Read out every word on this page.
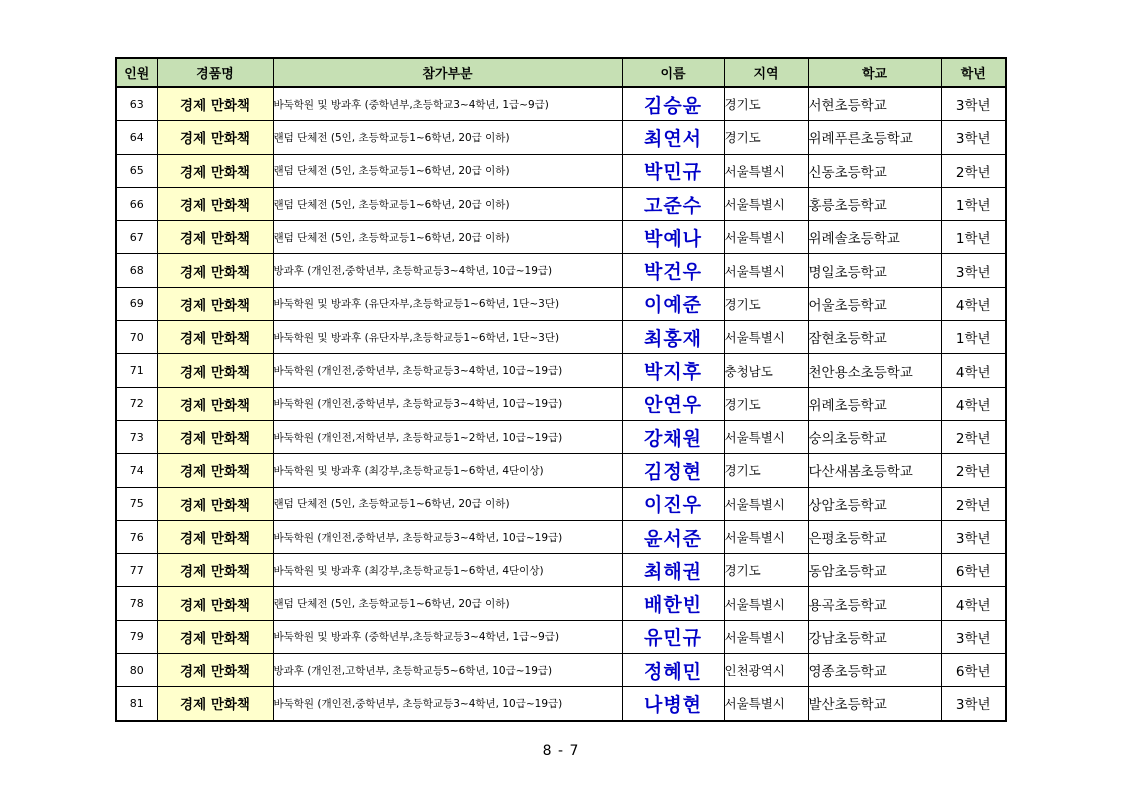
인원	경품명	참가부분	이름	지역	학교	학년
63	경제 만화책	바둑학원 및 방과후 (중학년부,초등학교3~4학년, 1급~9급)	김승윤	경기도	서현초등학교	3학년
64	경제 만화책	랜덤 단체전 (5인, 초등학교등1~6학년, 20급 이하)	최연서	경기도	위례푸른초등학교	3학년
65	경제 만화책	랜덤 단체전 (5인, 초등학교등1~6학년, 20급 이하)	박민규	서울특별시	신동초등학교	2학년
66	경제 만화책	랜덤 단체전 (5인, 초등학교등1~6학년, 20급 이하)	고준수	서울특별시	홍릉초등학교	1학년
67	경제 만화책	랜덤 단체전 (5인, 초등학교등1~6학년, 20급 이하)	박예나	서울특별시	위례솔초등학교	1학년
68	경제 만화책	방과후 (개인전,중학년부, 초등학교등3~4학년, 10급~19급)	박건우	서울특별시	명일초등학교	3학년
69	경제 만화책	바둑학원 및 방과후 (유단자부,초등학교등1~6학년, 1단~3단)	이예준	경기도	어울초등학교	4학년
70	경제 만화책	바둑학원 및 방과후 (유단자부,초등학교등1~6학년, 1단~3단)	최홍재	서울특별시	잠현초등학교	1학년
71	경제 만화책	바둑학원 (개인전,중학년부, 초등학교등3~4학년, 10급~19급)	박지후	충청남도	천안용소초등학교	4학년
72	경제 만화책	바둑학원 (개인전,중학년부, 초등학교등3~4학년, 10급~19급)	안연우	경기도	위례초등학교	4학년
73	경제 만화책	바둑학원 (개인전,저학년부, 초등학교등1~2학년, 10급~19급)	강채원	서울특별시	숭의초등학교	2학년
74	경제 만화책	바둑학원 및 방과후 (최강부,초등학교등1~6학년, 4단이상)	김정현	경기도	다산새봄초등학교	2학년
75	경제 만화책	랜덤 단체전 (5인, 초등학교등1~6학년, 20급 이하)	이진우	서울특별시	상암초등학교	2학년
76	경제 만화책	바둑학원 (개인전,중학년부, 초등학교등3~4학년, 10급~19급)	윤서준	서울특별시	은평초등학교	3학년
77	경제 만화책	바둑학원 및 방과후 (최강부,초등학교등1~6학년, 4단이상)	최해권	경기도	동암초등학교	6학년
78	경제 만화책	랜덤 단체전 (5인, 초등학교등1~6학년, 20급 이하)	배한빈	서울특별시	용곡초등학교	4학년
79	경제 만화책	바둑학원 및 방과후 (중학년부,초등학교등3~4학년, 1급~9급)	유민규	서울특별시	강남초등학교	3학년
80	경제 만화책	방과후 (개인전,고학년부, 초등학교등5~6학년, 10급~19급)	정혜민	인천광역시	영종초등학교	6학년
81	경제 만화책	바둑학원 (개인전,중학년부, 초등학교등3~4학년, 10급~19급)	나병현	서울특별시	발산초등학교	3학년
8 - 7
